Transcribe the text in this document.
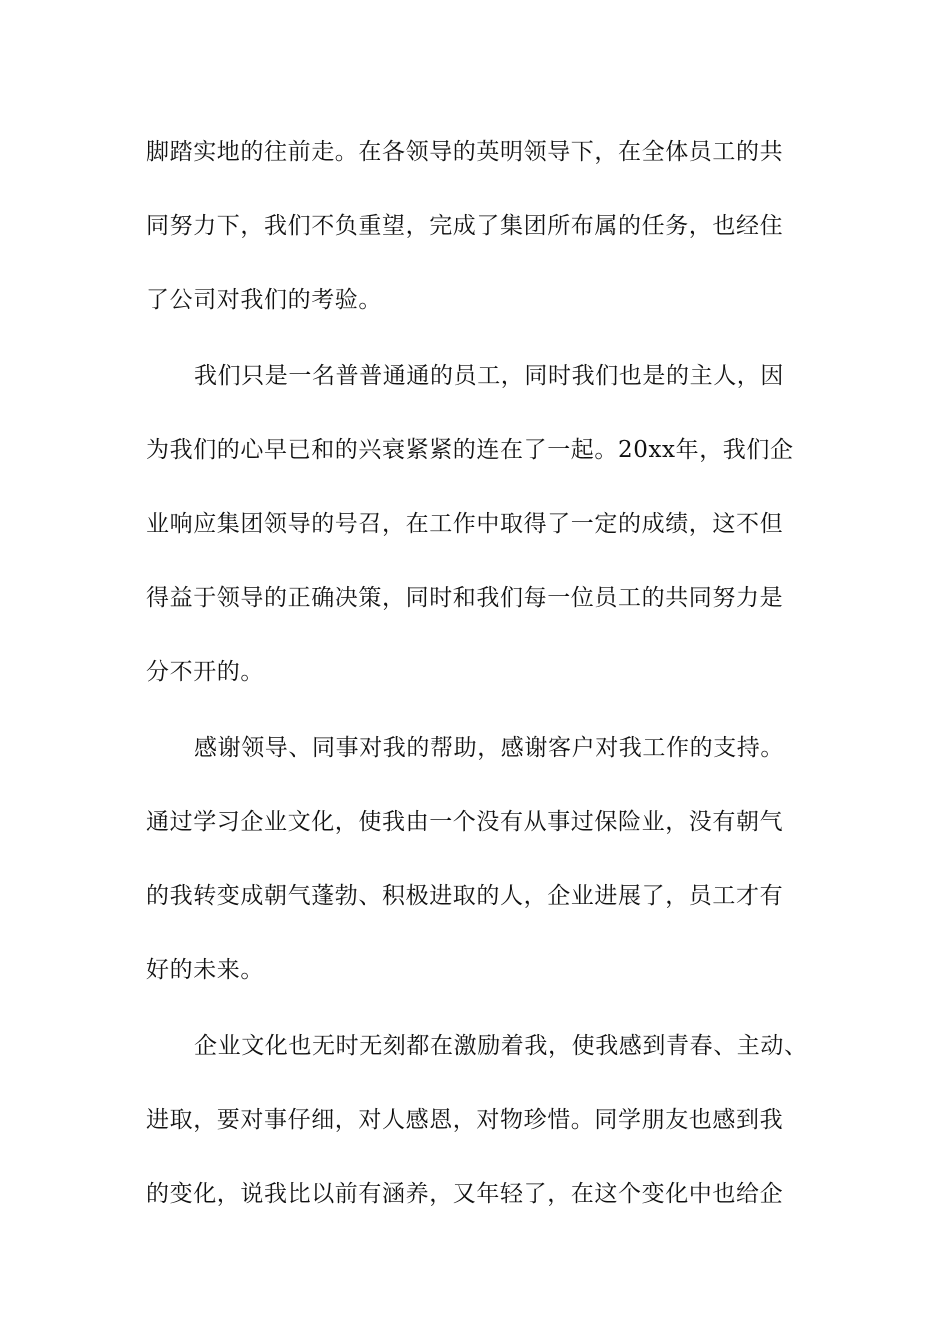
脚踏实地的往前走。在各领导的英明领导下，在全体员工的共
同努力下，我们不负重望，完成了集团所布属的任务，也经住
了公司对我们的考验。
我们只是一名普普通通的员工，同时我们也是的主人，因
为我们的心早已和的兴衰紧紧的连在了一起。20xx年，我们企
业响应集团领导的号召，在工作中取得了一定的成绩，这不但
得益于领导的正确决策，同时和我们每一位员工的共同努力是
分不开的。
感谢领导、同事对我的帮助，感谢客户对我工作的支持。
通过学习企业文化，使我由一个没有从事过保险业，没有朝气
的我转变成朝气蓬勃、积极进取的人，企业进展了，员工才有
好的未来。
企业文化也无时无刻都在激励着我，使我感到青春、主动、
进取，要对事仔细，对人感恩，对物珍惜。同学朋友也感到我
的变化，说我比以前有涵养，又年轻了，在这个变化中也给企
